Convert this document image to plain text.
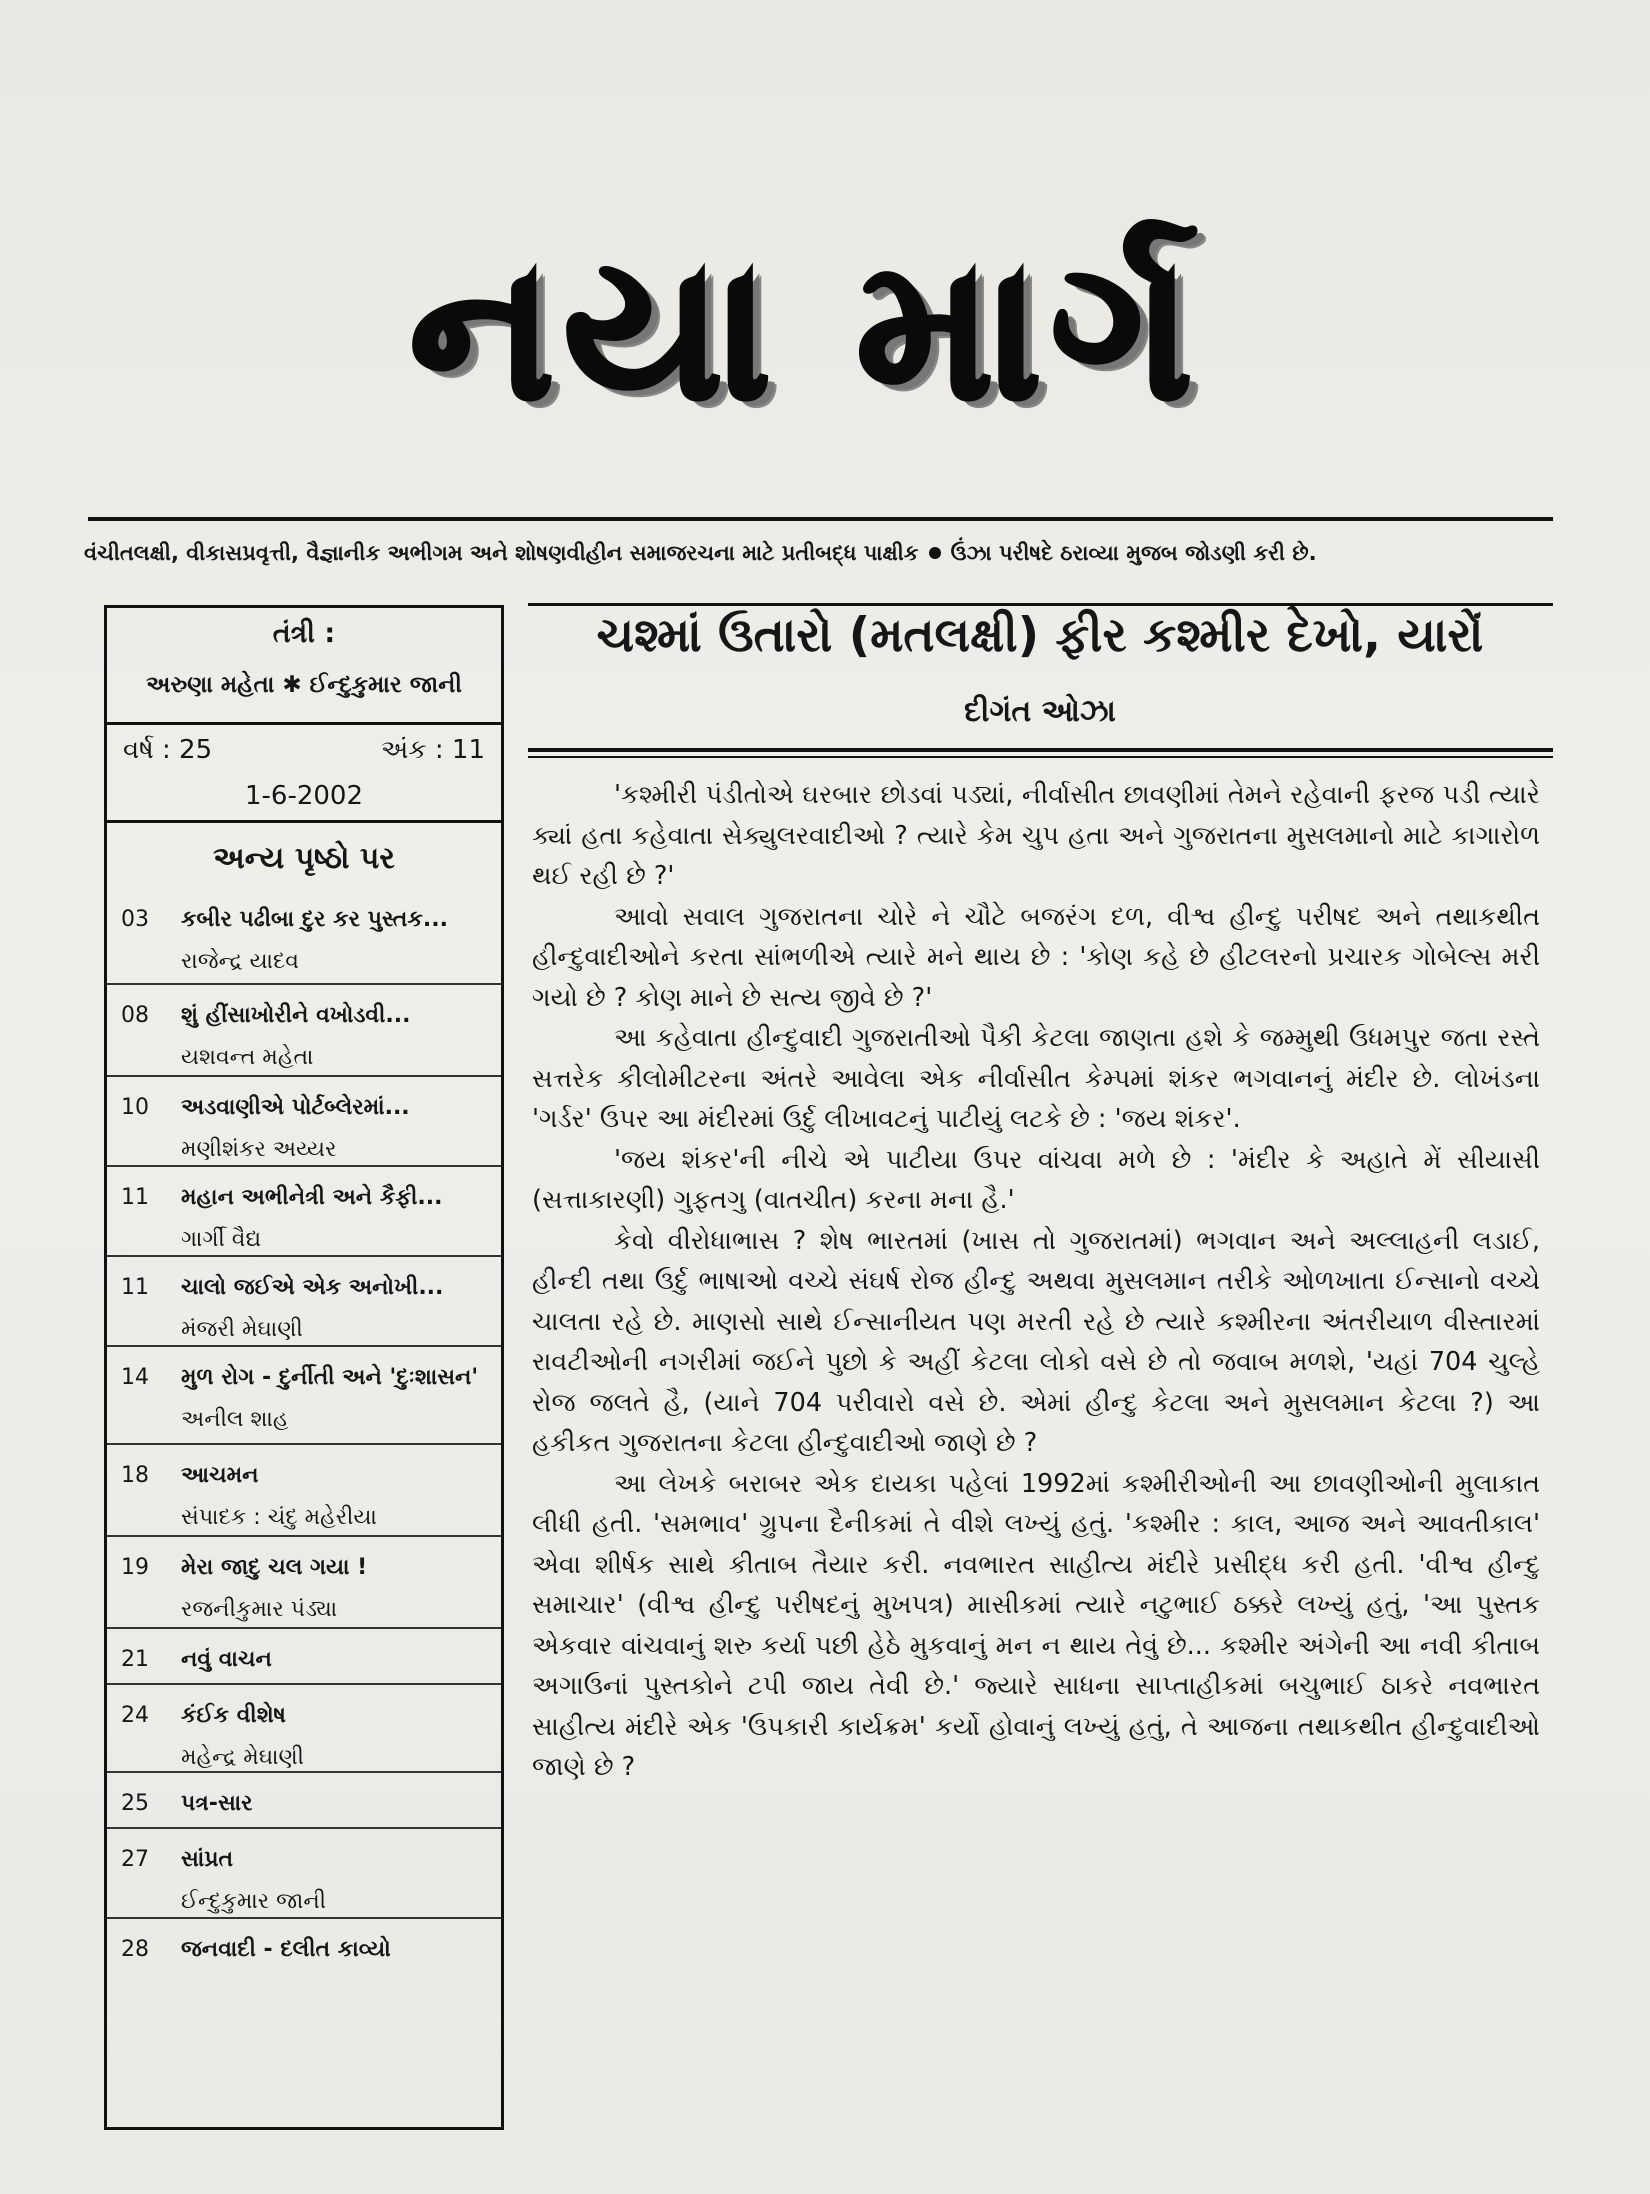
નયા માર્ગ
વંચીતલક્ષી, વીકાસપ્રવૃત્તી, વૈજ્ઞાનીક અભીગમ અને શોષણવીહીન સમાજરચના માટે પ્રતીબદ્ધ પાક્ષીક ઉંઝા પરીષદે ઠરાવ્યા મુજબ જોડણી કરી છે.
તંત્રી :
અરુણા મહેતા ✱ ઈન્દુકુમાર જાની
વર્ષ : 25	અંક : 11
1-6-2002
અન્ય પૃષ્ઠો પર
03 કબીર પઢીબા દુર કર પુસ્તક...
રાજેન્દ્ર યાદવ
08 શું હીંસાખોરીને વખોડવી...
યશવન્ત મહેતા
10 અડવાણીએ પોર્ટબ્લેરમાં...
મણીશંકર અય્યર
11 મહાન અભીનેત્રી અને કૈફી...
ગાર્ગી વૈદ્ય
11 ચાલો જઈએ એક અનોખી...
મંજરી મેઘાણી
14 મુળ રોગ - દુર્નીતી અને 'દુઃશાસન'
અનીલ શાહ
18 આચમન
સંપાદક : ચંદુ મહેરીયા
19 મેરા જાદુ ચલ ગયા !
રજનીકુમાર પંડ્યા
21 નવું વાચન
24 કંઈક વીશેષ
મહેન્દ્ર મેઘાણી
25 પત્ર-સાર
27 સાંપ્રત
ઈન્દુકુમાર જાની
28 જનવાદી - દલીત કાવ્યો
ચશ્માં ઉતારો (મતલક્ષી) ફીર કશ્મીર દેખો, યારોં
દીગંત ઓઝા

'કશ્મીરી પંડીતોએ ઘરબાર છોડવાં પડ્યાં, નીર્વાસીત છાવણીમાં તેમને રહેવાની ફરજ પડી ત્યારે ક્યાં હતા કહેવાતા સેક્યુલરવાદીઓ ? ત્યારે કેમ ચુપ હતા અને ગુજરાતના મુસલમાનો માટે કાગારોળ થઈ રહી છે ?'

આવો સવાલ ગુજરાતના ચોરે ને ચૌટે બજરંગ દળ, વીશ્વ હીન્દુ પરીષદ અને તથાકથીત હીન્દુવાદીઓને કરતા સાંભળીએ ત્યારે મને થાય છે : 'કોણ કહે છે હીટલરનો પ્રચારક ગોબેલ્સ મરી ગયો છે ? કોણ માને છે સત્ય જીવે છે ?'

આ કહેવાતા હીન્દુવાદી ગુજરાતીઓ પૈકી કેટલા જાણતા હશે કે જમ્મુથી ઉધમપુર જતા રસ્તે સત્તરેક કીલોમીટરના અંતરે આવેલા એક નીર્વાસીત કેમ્પમાં શંકર ભગવાનનું મંદીર છે. લોખંડના 'ગર્ડર' ઉપર આ મંદીરમાં ઉર્દુ લીખાવટનું પાટીયું લટકે છે : 'જય શંકર'.

'જય શંકર'ની નીચે એ પાટીયા ઉપર વાંચવા મળે છે : 'મંદીર કે અહાતે મેં સીયાસી (સત્તાકારણી) ગુફતગુ (વાતચીત) કરના મના હૈ.'

કેવો વીરોધાભાસ ? શેષ ભારતમાં (ખાસ તો ગુજરાતમાં) ભગવાન અને અલ્લાહની લડાઈ, હીન્દી તથા ઉર્દુ ભાષાઓ વચ્ચે સંઘર્ષ રોજ હીન્દુ અથવા મુસલમાન તરીકે ઓળખાતા ઈન્સાનો વચ્ચે ચાલતા રહે છે. માણસો સાથે ઈન્સાનીયત પણ મરતી રહે છે ત્યારે કશ્મીરના અંતરીયાળ વીસ્તારમાં રાવટીઓની નગરીમાં જઈને પુછો કે અહીં કેટલા લોકો વસે છે તો જવાબ મળશે, 'યહાં 704 ચુલ્હે રોજ જલતે હૈ, (યાને 704 પરીવારો વસે છે. એમાં હીન્દુ કેટલા અને મુસલમાન કેટલા ?) આ હકીકત ગુજરાતના કેટલા હીન્દુવાદીઓ જાણે છે ?

આ લેખકે બરાબર એક દાયકા પહેલાં 1992માં કશ્મીરીઓની આ છાવણીઓની મુલાકાત લીધી હતી. 'સમભાવ' ગ્રુપના દૈનીકમાં તે વીશે લખ્યું હતું. 'કશ્મીર : કાલ, આજ અને આવતીકાલ' એવા શીર્ષક સાથે કીતાબ તૈયાર કરી. નવભારત સાહીત્ય મંદીરે પ્રસીદ્ધ કરી હતી. 'વીશ્વ હીન્દુ સમાચાર' (વીશ્વ હીન્દુ પરીષદનું મુખપત્ર) માસીકમાં ત્યારે નટુભાઈ ઠક્કરે લખ્યું હતું, 'આ પુસ્તક એકવાર વાંચવાનું શરુ કર્યા પછી હેઠે મુકવાનું મન ન થાય તેવું છે... કશ્મીર અંગેની આ નવી કીતાબ અગાઉનાં પુસ્તકોને ટપી જાય તેવી છે.' જ્યારે સાધના સાપ્તાહીકમાં બચુભાઈ ઠાકરે નવભારત સાહીત્ય મંદીરે એક 'ઉપકારી કાર્યક્રમ' કર્યો હોવાનું લખ્યું હતું, તે આજના તથાકથીત હીન્દુવાદીઓ જાણે છે ?
